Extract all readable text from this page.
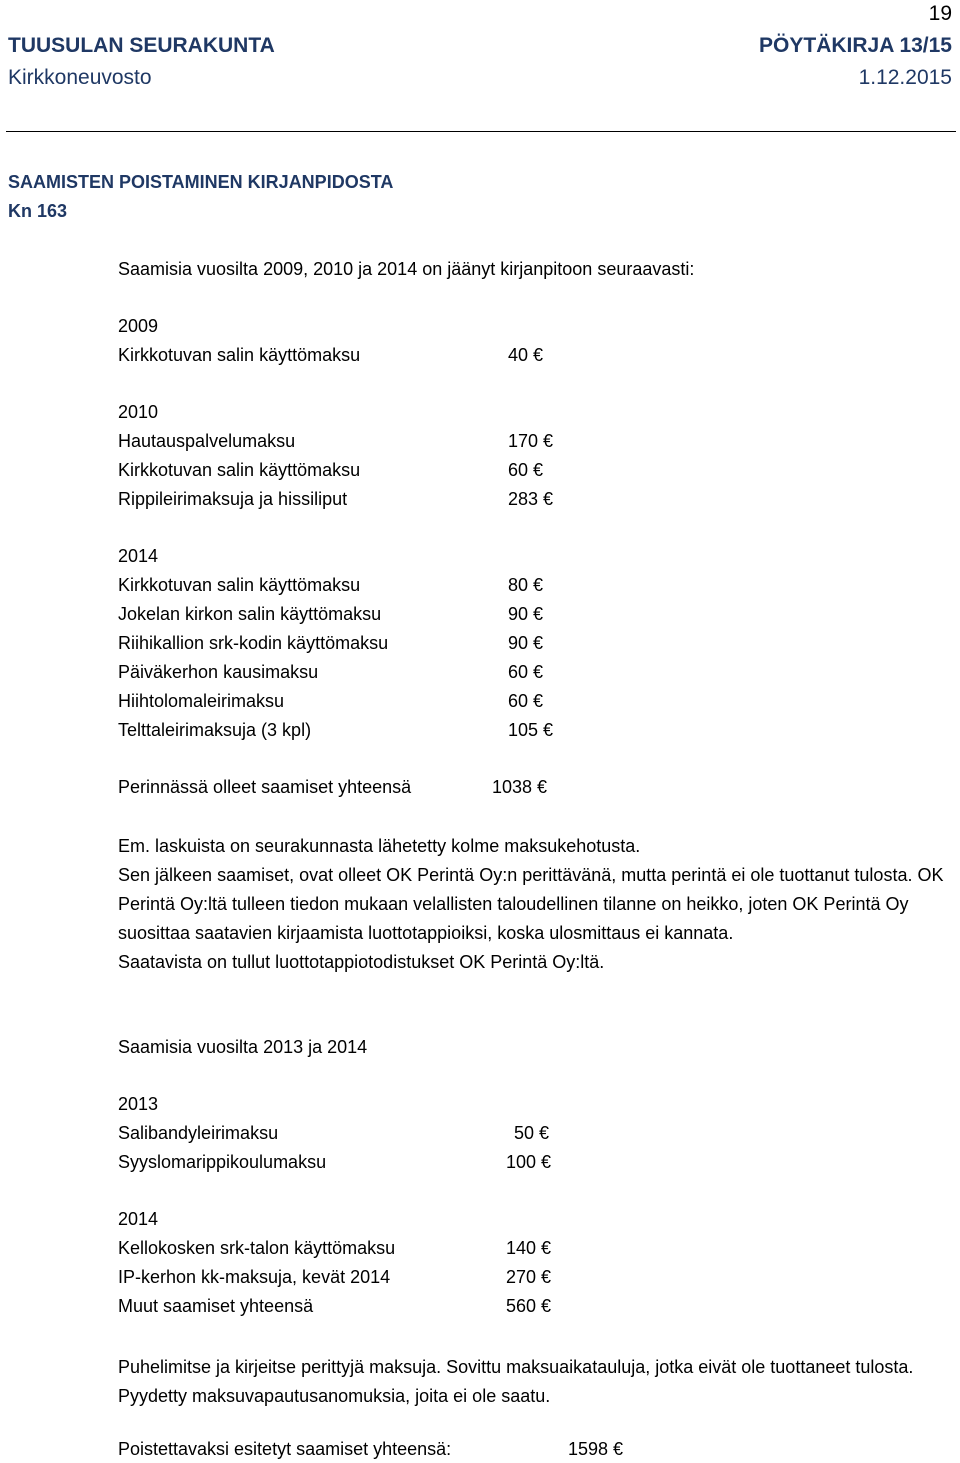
19
TUUSULAN SEURAKUNTA	PÖYTÄKIRJA 13/15
Kirkkoneuvosto	1.12.2015
SAAMISTEN POISTAMINEN KIRJANPIDOSTA
Kn 163
Saamisia vuosilta 2009, 2010 ja 2014 on jäänyt kirjanpitoon seuraavasti:
2009
Kirkkotuvan salin käyttömaksu	40 €
2010
Hautauspalvelumaksu	170 €
Kirkkotuvan salin käyttömaksu	60 €
Rippileirimaksuja ja hissiliput	283 €
2014
Kirkkotuvan salin käyttömaksu	80 €
Jokelan kirkon salin käyttömaksu	90 €
Riihikallion srk-kodin käyttömaksu	90 €
Päiväkerhon kausimaksu	60 €
Hiihtolomaleirimaksu	60 €
Telttaleirimaksuja (3 kpl)	105 €
Perinnässä olleet saamiset yhteensä	1038 €

Em. laskuista on seurakunnasta lähetetty kolme maksukehotusta.

Sen jälkeen saamiset, ovat olleet OK Perintä Oy:n perittävänä, mutta perintä ei ole tuottanut tulosta. OK Perintä Oy:ltä tulleen tiedon mukaan velallisten taloudellinen tilanne on heikko, joten OK Perintä Oy suosittaa saatavien kirjaamista luottotappioiksi, koska ulosmittaus ei kannata.

Saatavista on tullut luottotappiotodistukset OK Perintä Oy:ltä.

Saamisia vuosilta 2013 ja 2014
2013
Salibandyleirimaksu	50 €
Syyslomarippikoulumaksu	100 €
2014
Kellokosken srk-talon käyttömaksu	140 €
IP-kerhon kk-maksuja, kevät 2014	270 €
Muut saamiset yhteensä	560 €
Puhelimitse ja kirjeitse perittyjä maksuja. Sovittu maksuaikatauluja, jotka eivät ole tuottaneet tulosta. Pyydetty maksuvapautusanomuksia, joita ei ole saatu.
Poistettavaksi esitetyt saamiset yhteensä:	1598 €
